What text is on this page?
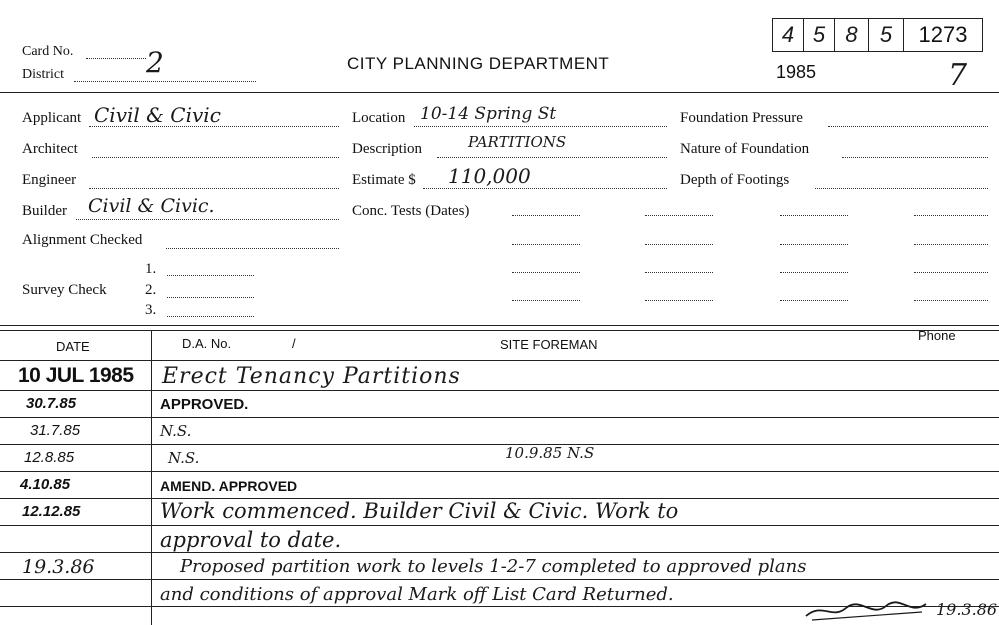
Card No.
District	2	CITY PLANNING DEPARTMENT
4 5 8	5	1273
1985	7
Applicant Civil & Civic
Architect
Engineer
Builder Civil & Civic.
Alignment Checked
1.
Survey Check	2.
3.
Location 10-14 Spring St
Description	PARTITIONS
Estimate $ 110,000
Conc. Tests (Dates)
Foundation Pressure
Nature of Foundation
Depth of Footings
DATE	D.A. No.	/	SITE FOREMAN
Phone
10 JUL 1985 Erect Tenancy Partitions
30.7.85	APPROVED.
31.7.85	N.S.
12.8.85	N.S.	10.9.85 N.S
4.10.85	AMEND. APPROVED
12.12.85	Work commenced. Builder Civil & Civic. Work to
approval to date.
19.3.86	Proposed partition work to levels 1-2-7 completed to approved plans
and conditions of approval Mark off List Card Returned.
19.3.86
